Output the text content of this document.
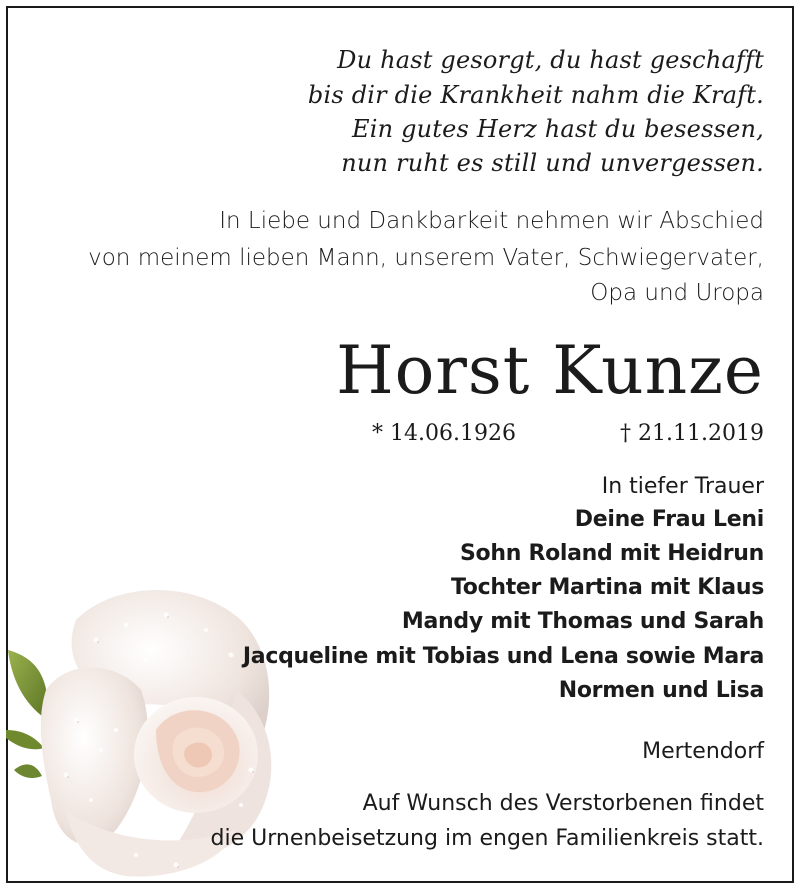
Du hast gesorgt, du hast geschafft

bis dir die Krankheit nahm die Kraft.

Ein gutes Herz hast du besessen,

nun ruht es still und unvergessen.

In Liebe und Dankbarkeit nehmen wir Abschied

von meinem lieben Mann, unserem Vater, Schwiegervater,

Opa und Uropa

Horst Kunze

* 14.06.1926	† 21.11.2019

In tiefer Trauer

Deine Frau Leni

Sohn Roland mit Heidrun

Tochter Martina mit Klaus

Mandy mit Thomas und Sarah

Jacqueline mit Tobias und Lena sowie Mara

Normen und Lisa

Mertendorf

Auf Wunsch des Verstorbenen findet

die Urnenbeisetzung im engen Familienkreis statt.
